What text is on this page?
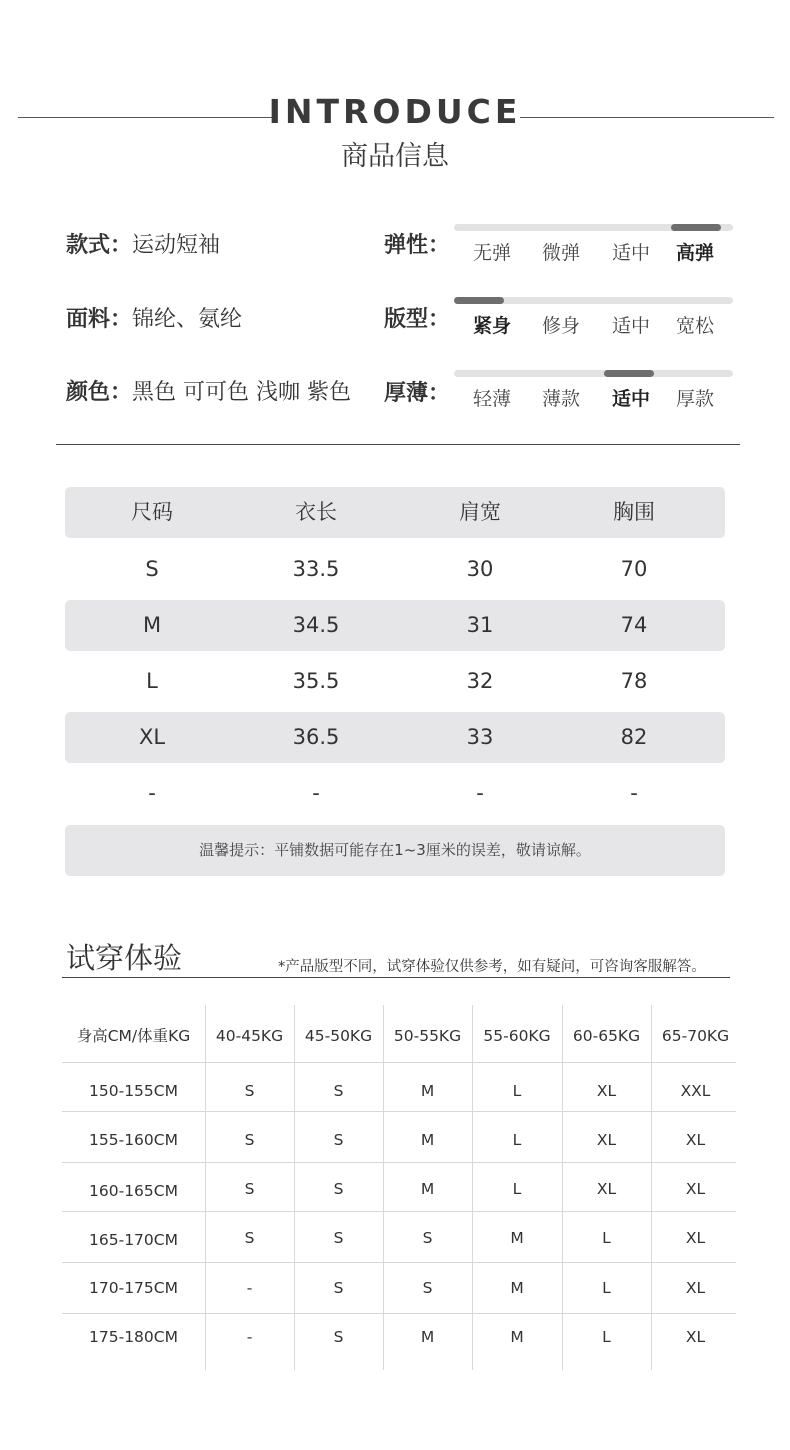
INTRODUCE
商品信息
款式：运动短袖
面料：锦纶、氨纶
颜色：黑色 可可色 浅咖 紫色
弹性：	无弹	微弹	适中	高弹
版型：	紧身	修身	适中	宽松
厚薄：	轻薄	薄款	适中	厚款
尺码	衣长	肩宽	胸围
S	33.5	30	70
M	34.5	31	74
L	35.5	32	78
XL	36.5	33	82
-	-	-	-
温馨提示：平铺数据可能存在1~3厘米的误差，敬请谅解。
试穿体验	*产品版型不同，试穿体验仅供参考，如有疑问，可咨询客服解答。
身高CM/体重KG	40-45KG	45-50KG	50-55KG	55-60KG	60-65KG	65-70KG
150-155CM	S	S	M	L	XL	XXL
155-160CM	S	S	M	L	XL	XL
160-165CM	S	S	M	L	XL	XL
165-170CM	S	S	S	M	L	XL
170-175CM	-	S	S	M	L	XL
175-180CM	-	S	M	M	L	XL
